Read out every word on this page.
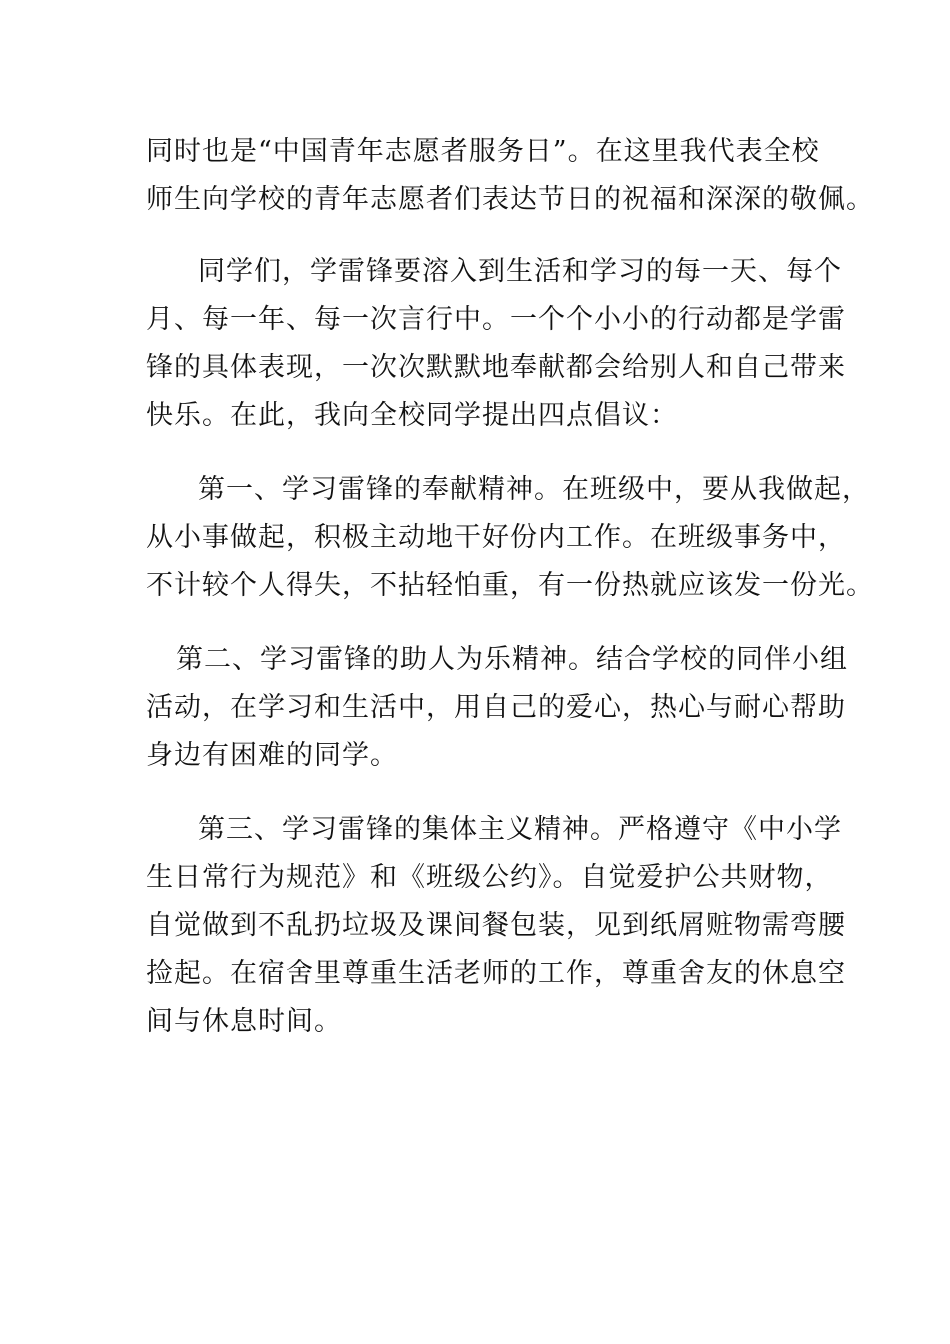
同时也是“中国青年志愿者服务日”。在这里我代表全校
师生向学校的青年志愿者们表达节日的祝福和深深的敬佩。
同学们，学雷锋要溶入到生活和学习的每一天、每个
月、每一年、每一次言行中。一个个小小的行动都是学雷
锋的具体表现，一次次默默地奉献都会给别人和自己带来
快乐。在此，我向全校同学提出四点倡议：
第一、学习雷锋的奉献精神。在班级中，要从我做起，
从小事做起，积极主动地干好份内工作。在班级事务中，
不计较个人得失，不拈轻怕重，有一份热就应该发一份光。
第二、学习雷锋的助人为乐精神。结合学校的同伴小组
活动，在学习和生活中，用自己的爱心，热心与耐心帮助
身边有困难的同学。
第三、学习雷锋的集体主义精神。严格遵守《中小学
生日常行为规范》和《班级公约》。自觉爱护公共财物，
自觉做到不乱扔垃圾及课间餐包装，见到纸屑赃物需弯腰
捡起。在宿舍里尊重生活老师的工作，尊重舍友的休息空
间与休息时间。
